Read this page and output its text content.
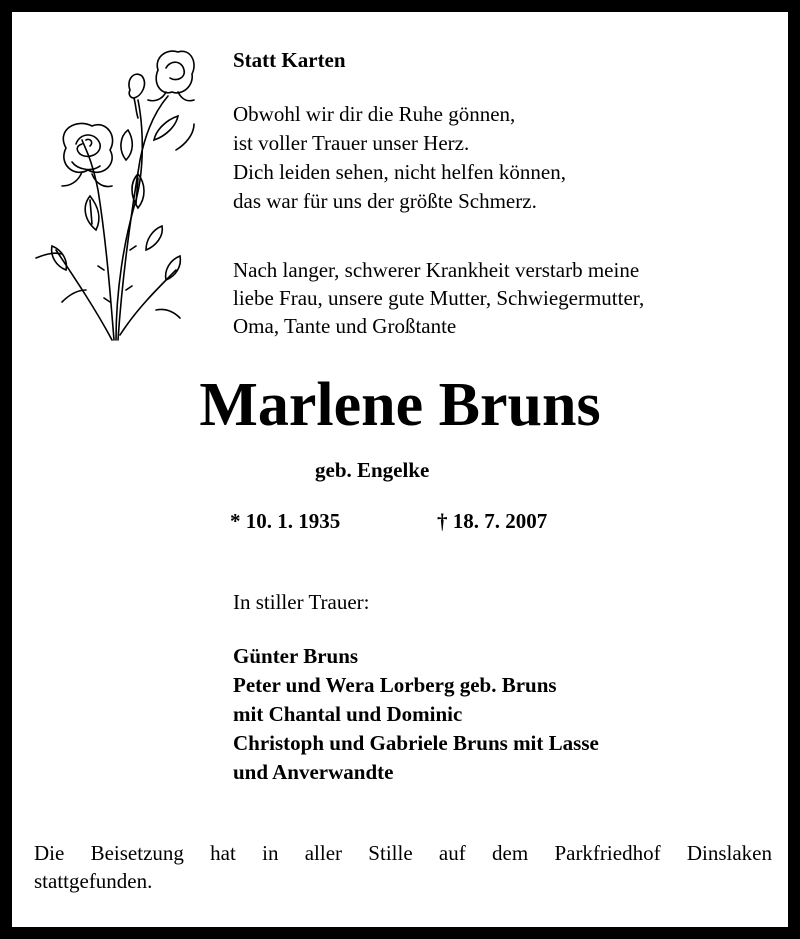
Statt Karten
Obwohl wir dir die Ruhe gönnen,
ist voller Trauer unser Herz.
Dich leiden sehen, nicht helfen können,
das war für uns der größte Schmerz.
Nach langer, schwerer Krankheit verstarb meine
liebe Frau, unsere gute Mutter, Schwiegermutter,
Oma, Tante und Großtante
Marlene Bruns
geb. Engelke
* 10. 1. 1935	† 18. 7. 2007
In stiller Trauer:
Günter Bruns
Peter und Wera Lorberg geb. Bruns
mit Chantal und Dominic
Christoph und Gabriele Bruns mit Lasse
und Anverwandte
Die Beisetzung hat in aller Stille auf dem Parkfriedhof Dinslaken
stattgefunden.
